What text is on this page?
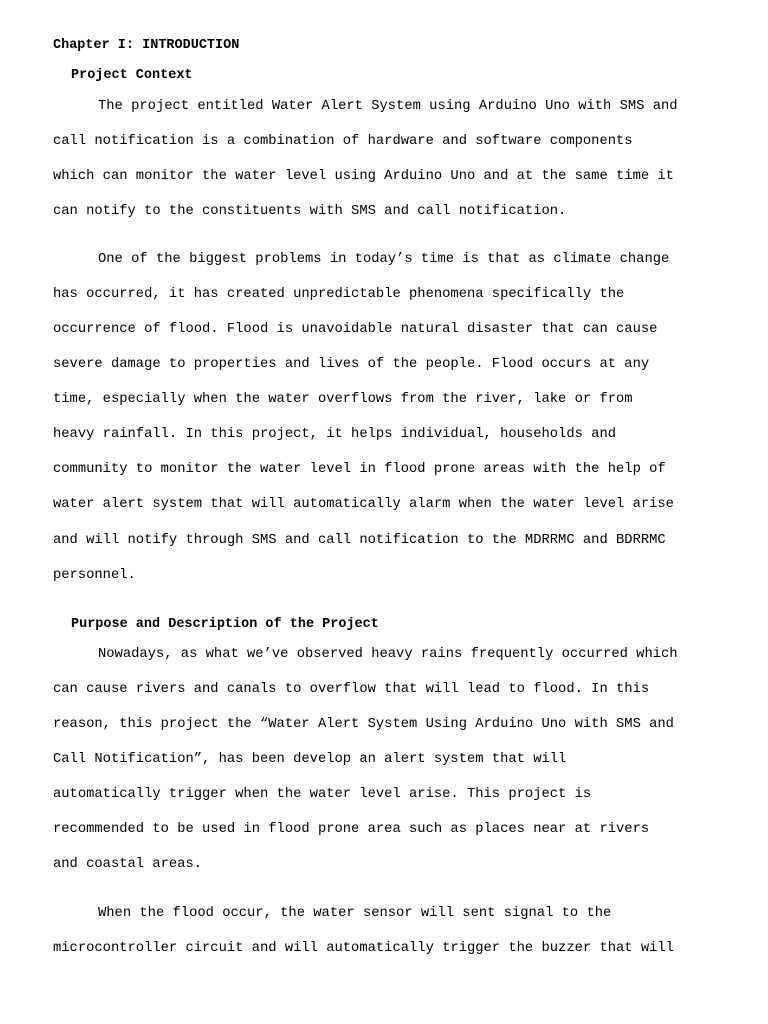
Chapter I: INTRODUCTION
Project Context
The project entitled Water Alert System using Arduino Uno with SMS and
call notification is a combination of hardware and software components
which can monitor the water level using Arduino Uno and at the same time it
can notify to the constituents with SMS and call notification.
One of the biggest problems in today’s time is that as climate change
has occurred, it has created unpredictable phenomena specifically the
occurrence of flood. Flood is unavoidable natural disaster that can cause
severe damage to properties and lives of the people. Flood occurs at any
time, especially when the water overflows from the river, lake or from
heavy rainfall. In this project, it helps individual, households and
community to monitor the water level in flood prone areas with the help of
water alert system that will automatically alarm when the water level arise
and will notify through SMS and call notification to the MDRRMC and BDRRMC
personnel.
Purpose and Description of the Project
Nowadays, as what we’ve observed heavy rains frequently occurred which
can cause rivers and canals to overflow that will lead to flood. In this
reason, this project the “Water Alert System Using Arduino Uno with SMS and
Call Notification”, has been develop an alert system that will
automatically trigger when the water level arise. This project is
recommended to be used in flood prone area such as places near at rivers
and coastal areas.
When the flood occur, the water sensor will sent signal to the
microcontroller circuit and will automatically trigger the buzzer that will
